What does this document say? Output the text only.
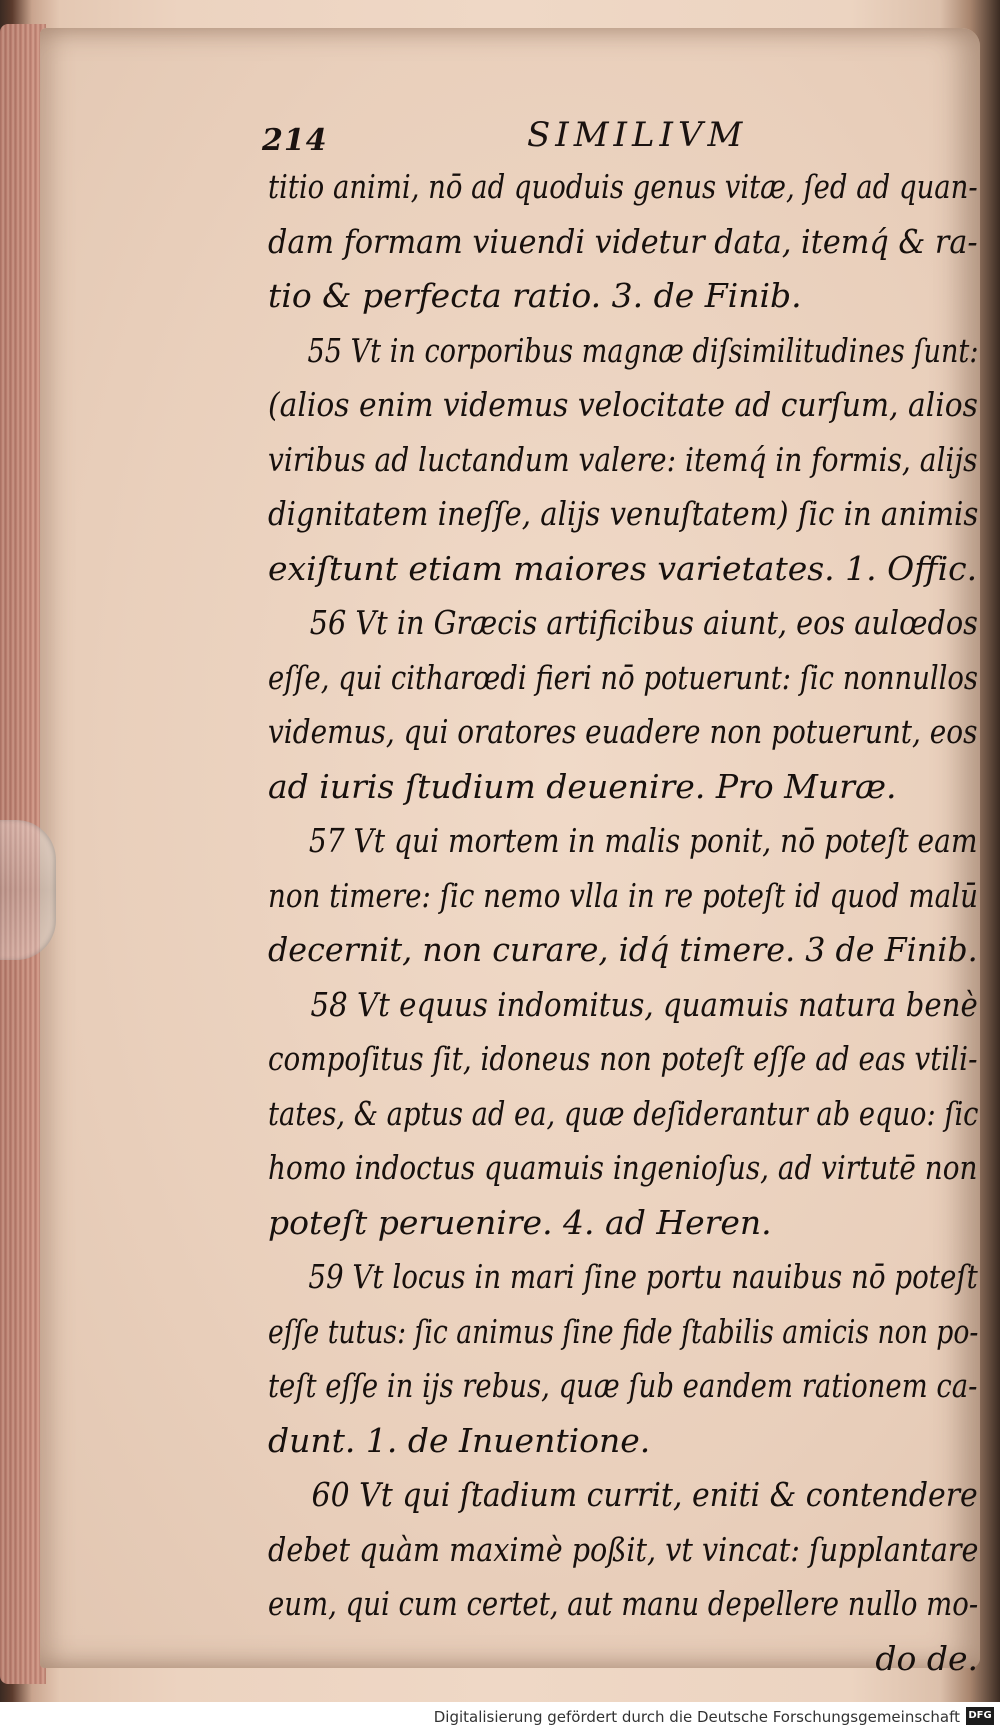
214	SIMILIVM
titio animi, nō ad quoduis genus vitæ, ſed ad quan-
dam formam viuendi videtur data, itemq́ & ra-
tio & perfecta ratio. 3. de Finib.
55 Vt in corporibus magnæ diſsimilitudines ſunt:
(alios enim videmus velocitate ad curſum, alios
viribus ad luctandum valere: itemq́ in formis, alijs
dignitatem ineſſe, alijs venuſtatem) ſic in animis
exiſtunt etiam maiores varietates. 1. Offic.
56 Vt in Græcis artificibus aiunt, eos aulœdos
eſſe, qui citharœdi fieri nō potuerunt: ſic nonnullos
videmus, qui oratores euadere non potuerunt, eos
ad iuris ſtudium deuenire. Pro Muræ.
57 Vt qui mortem in malis ponit, nō poteſt eam
non timere: ſic nemo vlla in re poteſt id quod malū
decernit, non curare, idq́ timere. 3 de Finib.
58 Vt equus indomitus, quamuis natura benè
compoſitus ſit, idoneus non poteſt eſſe ad eas vtili-
tates, & aptus ad ea, quæ deſiderantur ab equo: ſic
homo indoctus quamuis ingenioſus, ad virtutē non
poteſt peruenire. 4. ad Heren.
59 Vt locus in mari ſine portu nauibus nō poteſt
eſſe tutus: ſic animus ſine fide ſtabilis amicis non po-
teſt eſſe in ijs rebus, quæ ſub eandem rationem ca-
dunt. 1. de Inuentione.
60 Vt qui ſtadium currit, eniti & contendere
debet quàm maximè poßit, vt vincat: ſupplantare
eum, qui cum certet, aut manu depellere nullo mo-
do de.
Digitalisierung gefördert durch die Deutsche Forschungsgemeinschaft DFG
